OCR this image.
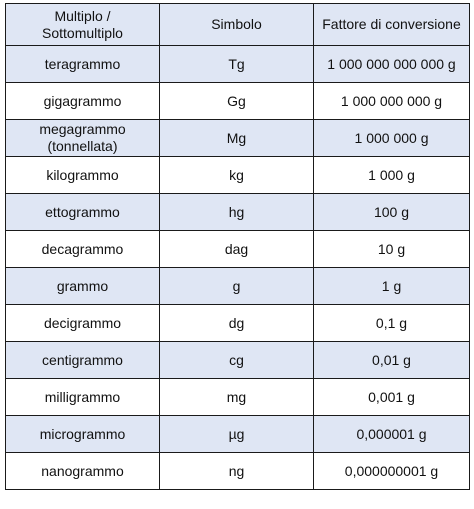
Multiplo /
Sottomultiplo	Simbolo	Fattore di conversione

teragrammo	Tg	1 000 000 000 000 g

gigagrammo	Gg	1 000 000 000 g

megagrammo
(tonnellata)	Mg	1 000 000 g

kilogrammo	kg	1 000 g

ettogrammo	hg	100 g

decagrammo	dag	10 g

grammo	g	1 g

decigrammo	dg	0,1 g

centigrammo	cg	0,01 g

milligrammo	mg	0,001 g

microgrammo	µg	0,000001 g

nanogrammo	ng	0,000000001 g
